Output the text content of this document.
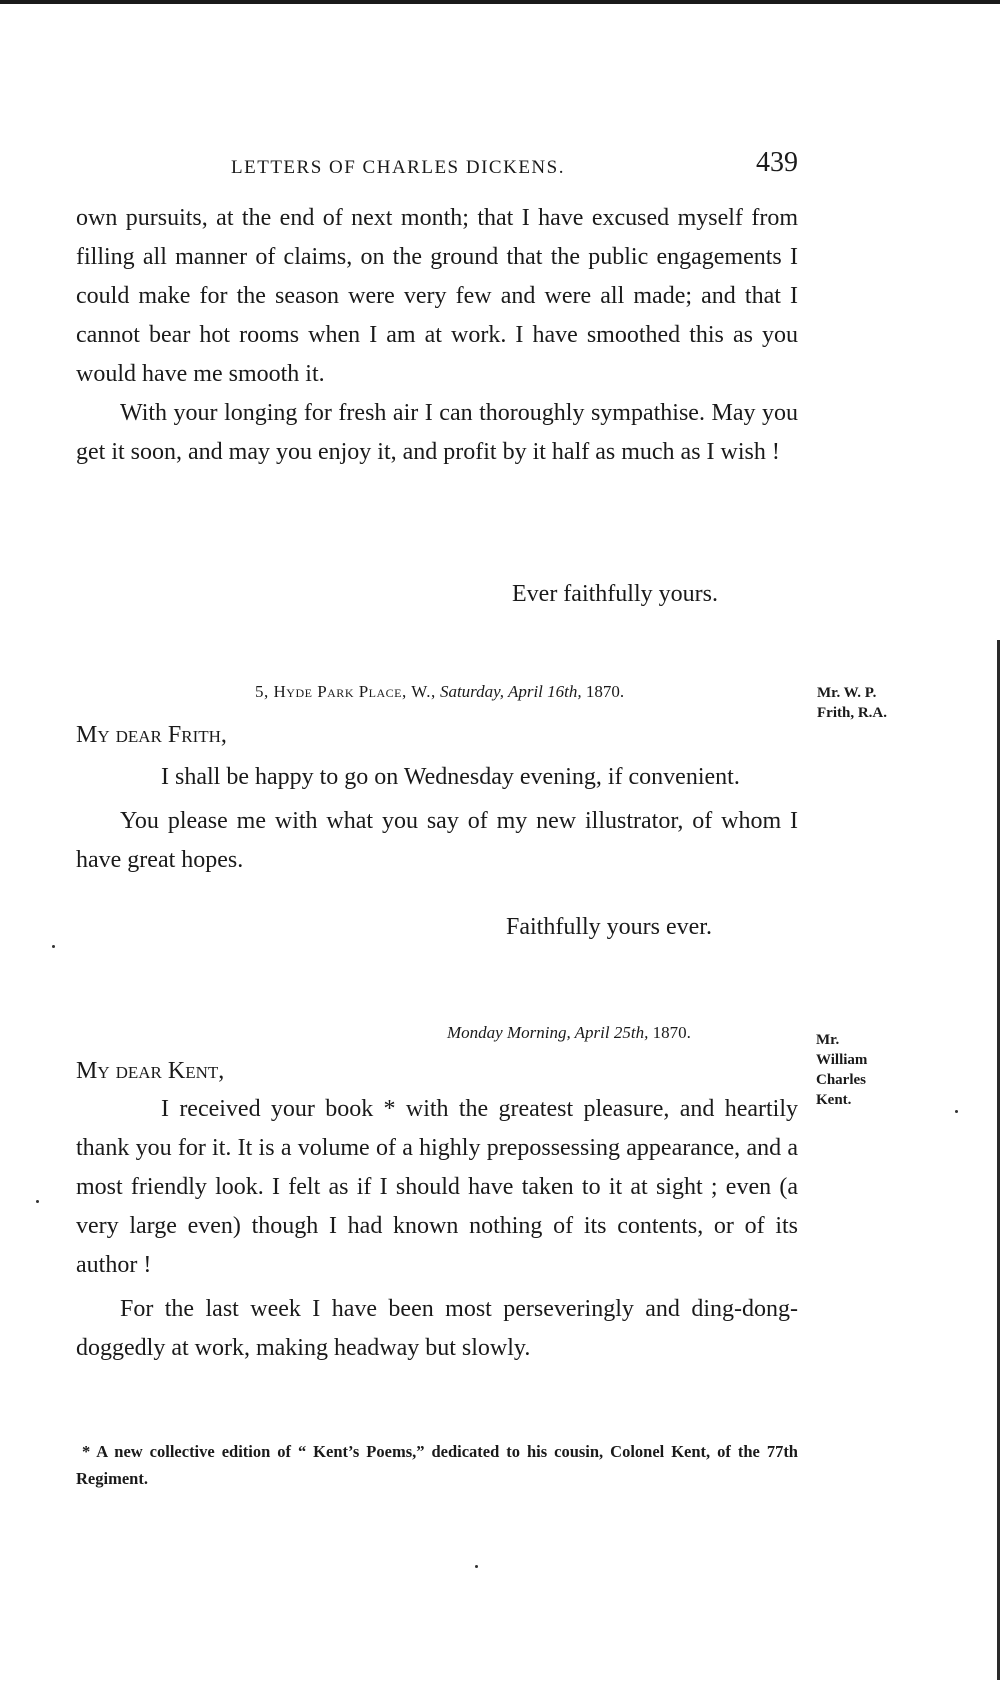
LETTERS OF CHARLES DICKENS.	439

own pursuits, at the end of next month; that I have excused myself from filling all manner of claims, on the ground that the public engagements I could make for the season were very few and were all made; and that I cannot bear hot rooms when I am at work. I have smoothed this as you would have me smooth it.

With your longing for fresh air I can thoroughly sympathise. May you get it soon, and may you enjoy it, and profit by it half as much as I wish !

Ever faithfully yours.
5, Hyde Park Place, W., Saturday, April 16th, 1870.	Mr. W. P.
Frith, R.A.
My dear Frith,

I shall be happy to go on Wednesday evening, if convenient.

You please me with what you say of my new illustrator, of whom I have great hopes.

Faithfully yours ever.
Monday Morning, April 25th, 1870.	Mr.
William
Charles
Kent.
My dear Kent,

I received your book * with the greatest pleasure, and heartily thank you for it. It is a volume of a highly prepossessing appearance, and a most friendly look. I felt as if I should have taken to it at sight ; even (a very large even) though I had known nothing of its contents, or of its author !

For the last week I have been most perseveringly and ding-dong-doggedly at work, making headway but slowly.

* A new collective edition of “ Kent’s Poems,” dedicated to his cousin, Colonel Kent, of the 77th Regiment.
